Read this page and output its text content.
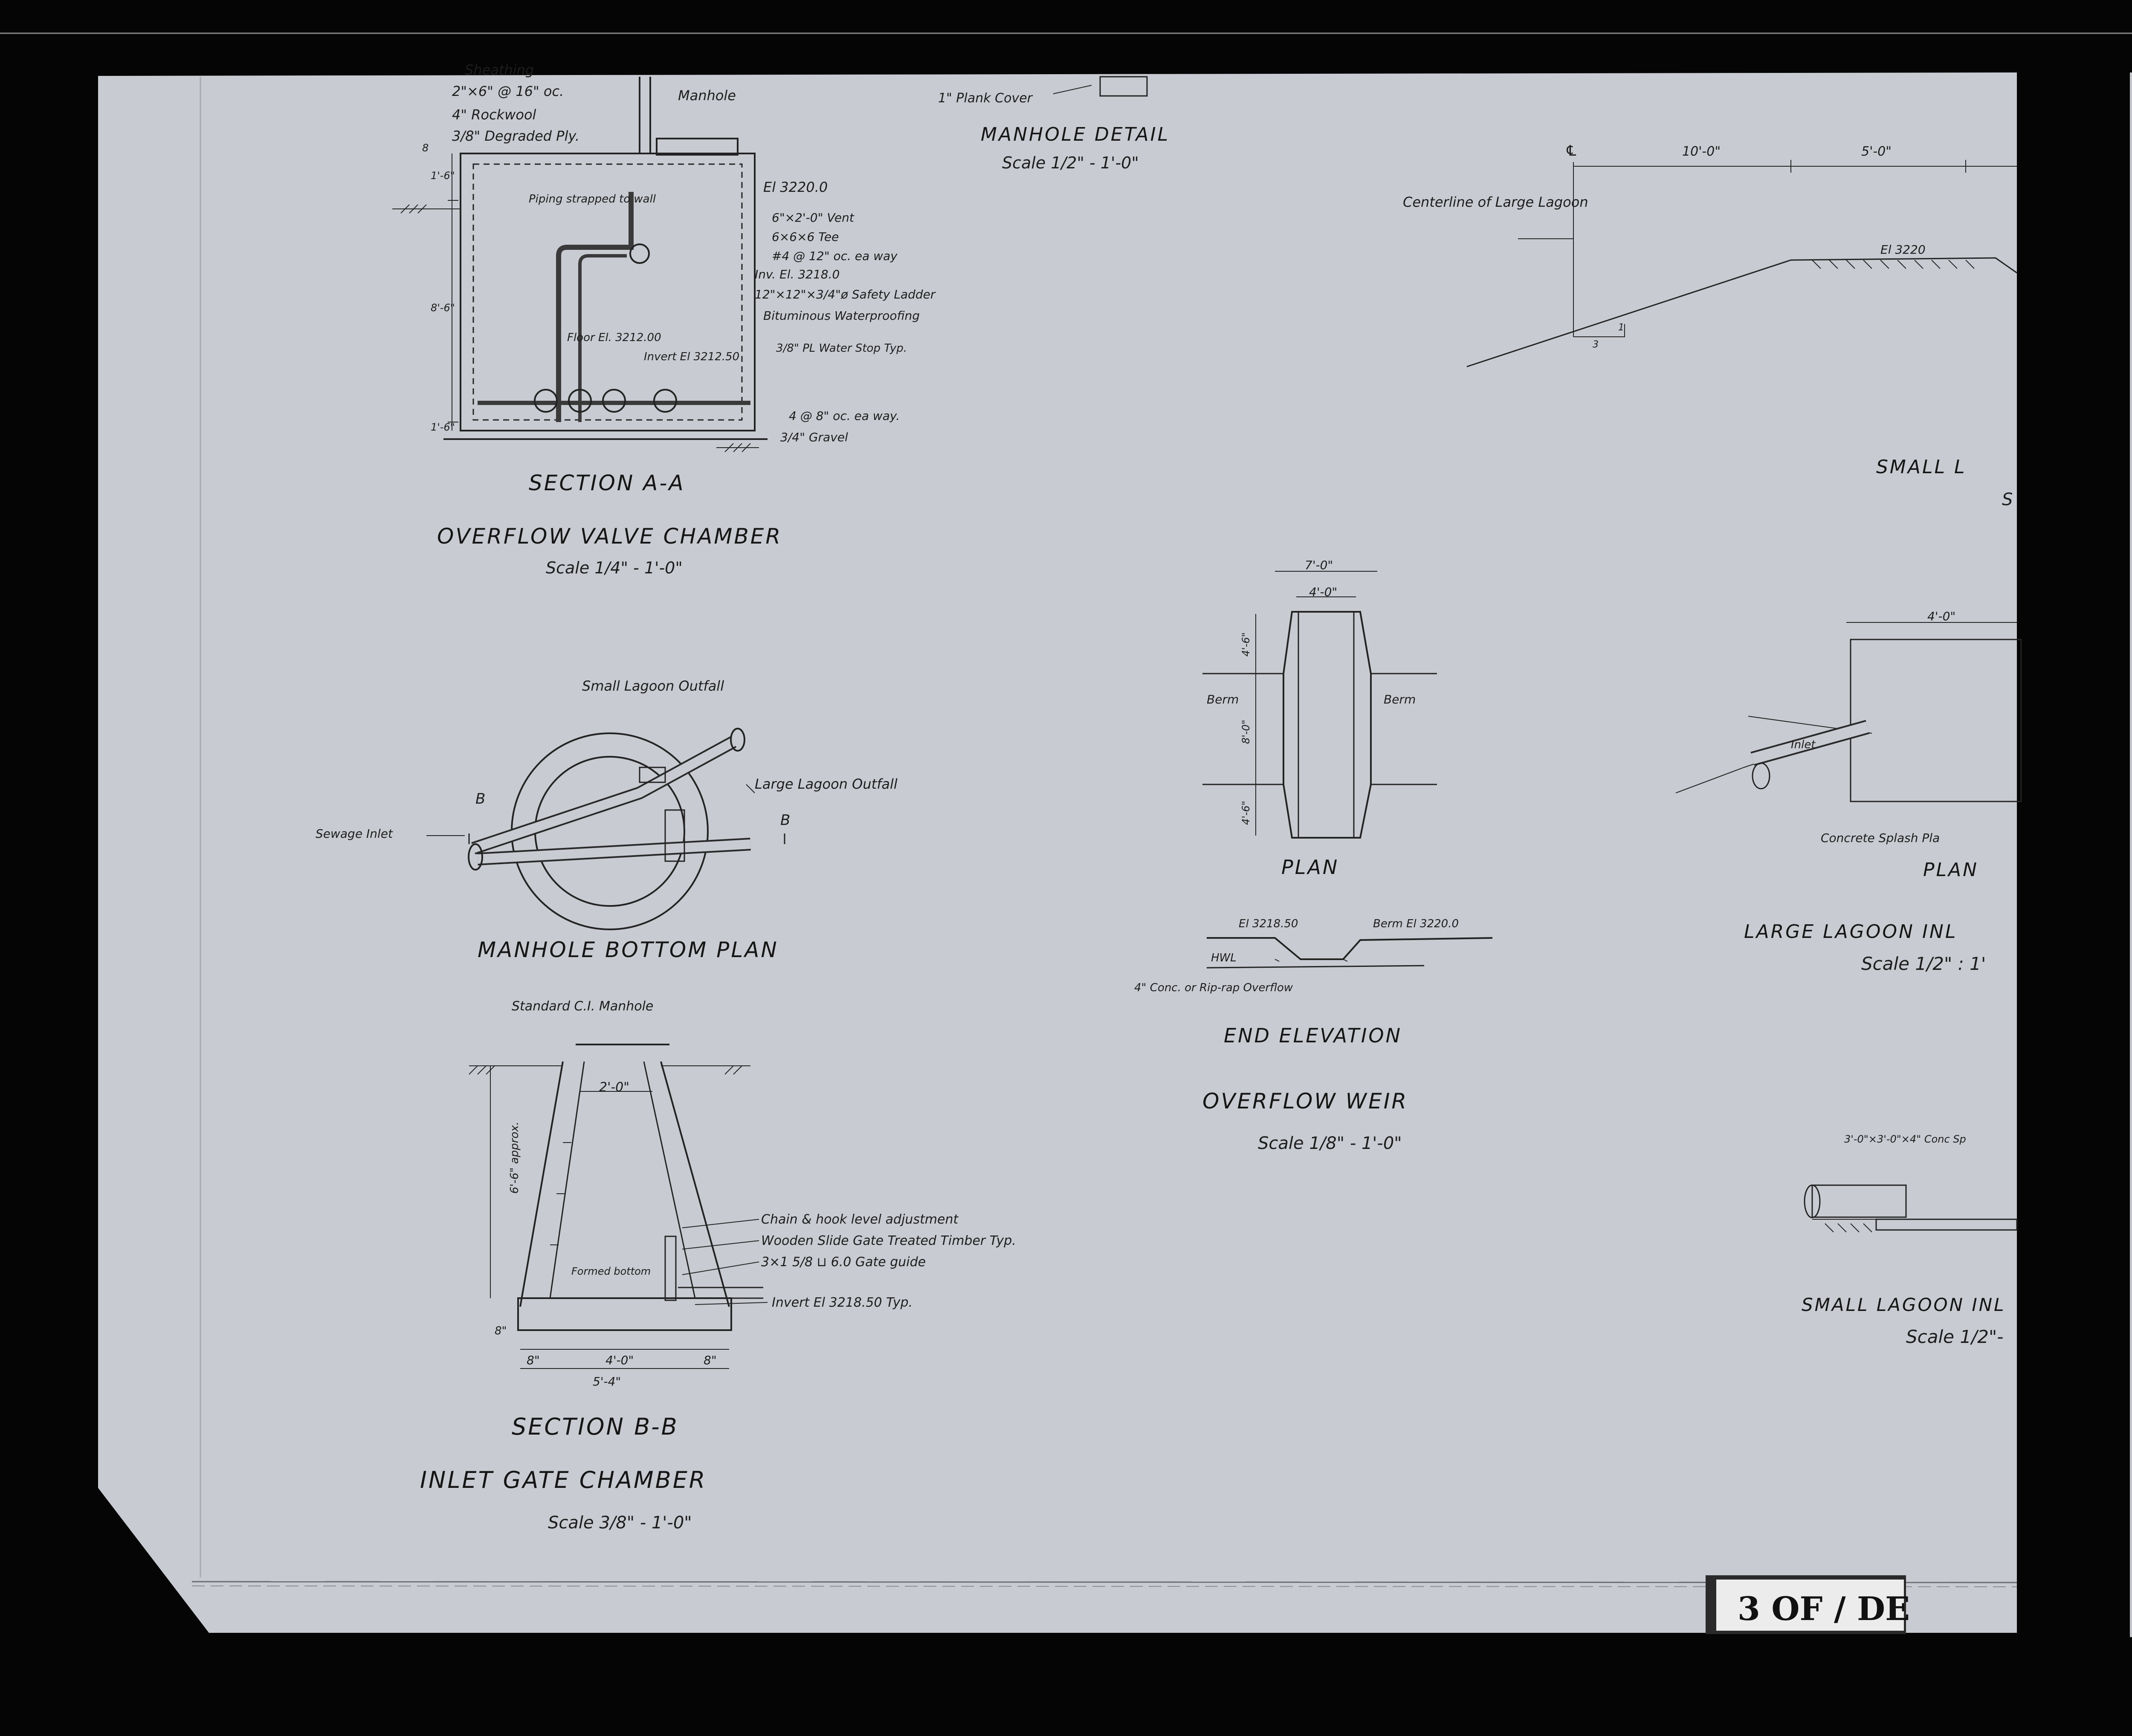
Sheathing
2"×6" @ 16" oc.
4" Rockwool
3/8" Degraded Ply.
Manhole
Piping strapped to wall
El 3220.0
6"×2'-0" Vent
6×6×6 Tee
#4 @ 12" oc. ea way
Inv. El. 3218.0
12"×12"×3/4"ø Safety Ladder
Bituminous Waterproofing
3/8" PL Water Stop Typ.
Floor El. 3212.00
Invert El 3212.50
4 @ 8" oc. ea way.
3/4" Gravel
8
1'-6"
8'-6"
1'-6"
SECTION A-A
OVERFLOW VALVE CHAMBER
Scale 1/4" - 1'-0"
1" Plank Cover
MANHOLE DETAIL
Scale 1/2" - 1'-0"
Small Lagoon Outfall
Large Lagoon Outfall
Sewage Inlet
B
B
MANHOLE BOTTOM PLAN
Standard C.I. Manhole
2'-0"
6'-6" approx.
Chain & hook level adjustment
Wooden Slide Gate Treated Timber Typ.
3×1 5/8 ⊔ 6.0 Gate guide
Formed bottom
Invert El 3218.50 Typ.
8"
8"	4'-0"	8"
5'-4"
SECTION B-B
INLET GATE CHAMBER
Scale 3/8" - 1'-0"
7'-0"
4'-0"
4'-6"
8'-0"
4'-6"
Berm	Berm
PLAN
El 3218.50	Berm El 3220.0
HWL
4" Conc. or Rip-rap Overflow
END ELEVATION
OVERFLOW WEIR
Scale 1/8" - 1'-0"
℄	10'-0"	5'-0"
Centerline of Large Lagoon
El 3220
3
1
SMALL L
S
4'-0"
Inlet
Concrete Splash Pla
PLAN
LARGE LAGOON INL
Scale 1/2" : 1'
3'-0"×3'-0"×4" Conc Sp
SMALL LAGOON INL
Scale 1/2"-
3 OF / DE
